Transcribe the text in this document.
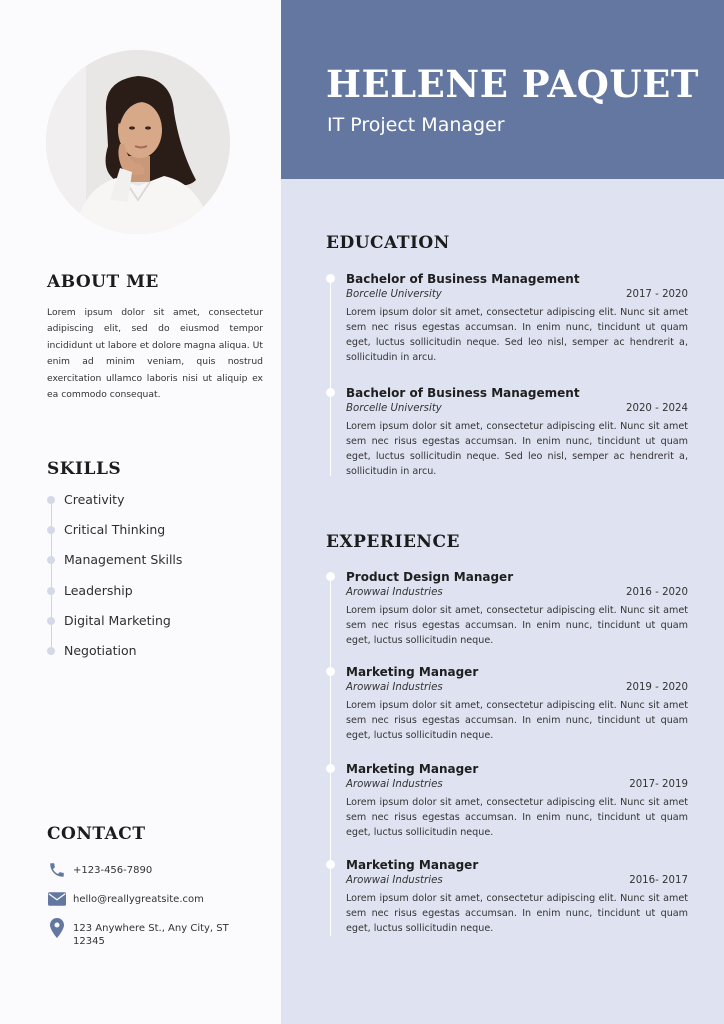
HELENE PAQUET
IT Project Manager
ABOUT ME
Lorem ipsum dolor sit amet, consectetur adipiscing elit, sed do eiusmod tempor incididunt ut labore et dolore magna aliqua. Ut enim ad minim veniam, quis nostrud exercitation ullamco laboris nisi ut aliquip ex ea commodo consequat.
SKILLS
Creativity
Critical Thinking
Management Skills
Leadership
Digital Marketing
Negotiation
CONTACT
+123-456-7890
hello@reallygreatsite.com
123 Anywhere St., Any City, ST 12345
EDUCATION
Bachelor of Business Management
Borcelle University	2017 - 2020
Lorem ipsum dolor sit amet, consectetur adipiscing elit. Nunc sit amet sem nec risus egestas accumsan. In enim nunc, tincidunt ut quam eget, luctus sollicitudin neque. Sed leo nisl, semper ac hendrerit a, sollicitudin in arcu.
Bachelor of Business Management
Borcelle University	2020 - 2024
Lorem ipsum dolor sit amet, consectetur adipiscing elit. Nunc sit amet sem nec risus egestas accumsan. In enim nunc, tincidunt ut quam eget, luctus sollicitudin neque. Sed leo nisl, semper ac hendrerit a, sollicitudin in arcu.
EXPERIENCE
Product Design Manager
Arowwai Industries	2016 - 2020
Lorem ipsum dolor sit amet, consectetur adipiscing elit. Nunc sit amet sem nec risus egestas accumsan. In enim nunc, tincidunt ut quam eget, luctus sollicitudin neque.
Marketing Manager
Arowwai Industries	2019 - 2020
Lorem ipsum dolor sit amet, consectetur adipiscing elit. Nunc sit amet sem nec risus egestas accumsan. In enim nunc, tincidunt ut quam eget, luctus sollicitudin neque.
Marketing Manager
Arowwai Industries	2017- 2019
Lorem ipsum dolor sit amet, consectetur adipiscing elit. Nunc sit amet sem nec risus egestas accumsan. In enim nunc, tincidunt ut quam eget, luctus sollicitudin neque.
Marketing Manager
Arowwai Industries	2016- 2017
Lorem ipsum dolor sit amet, consectetur adipiscing elit. Nunc sit amet sem nec risus egestas accumsan. In enim nunc, tincidunt ut quam eget, luctus sollicitudin neque.
